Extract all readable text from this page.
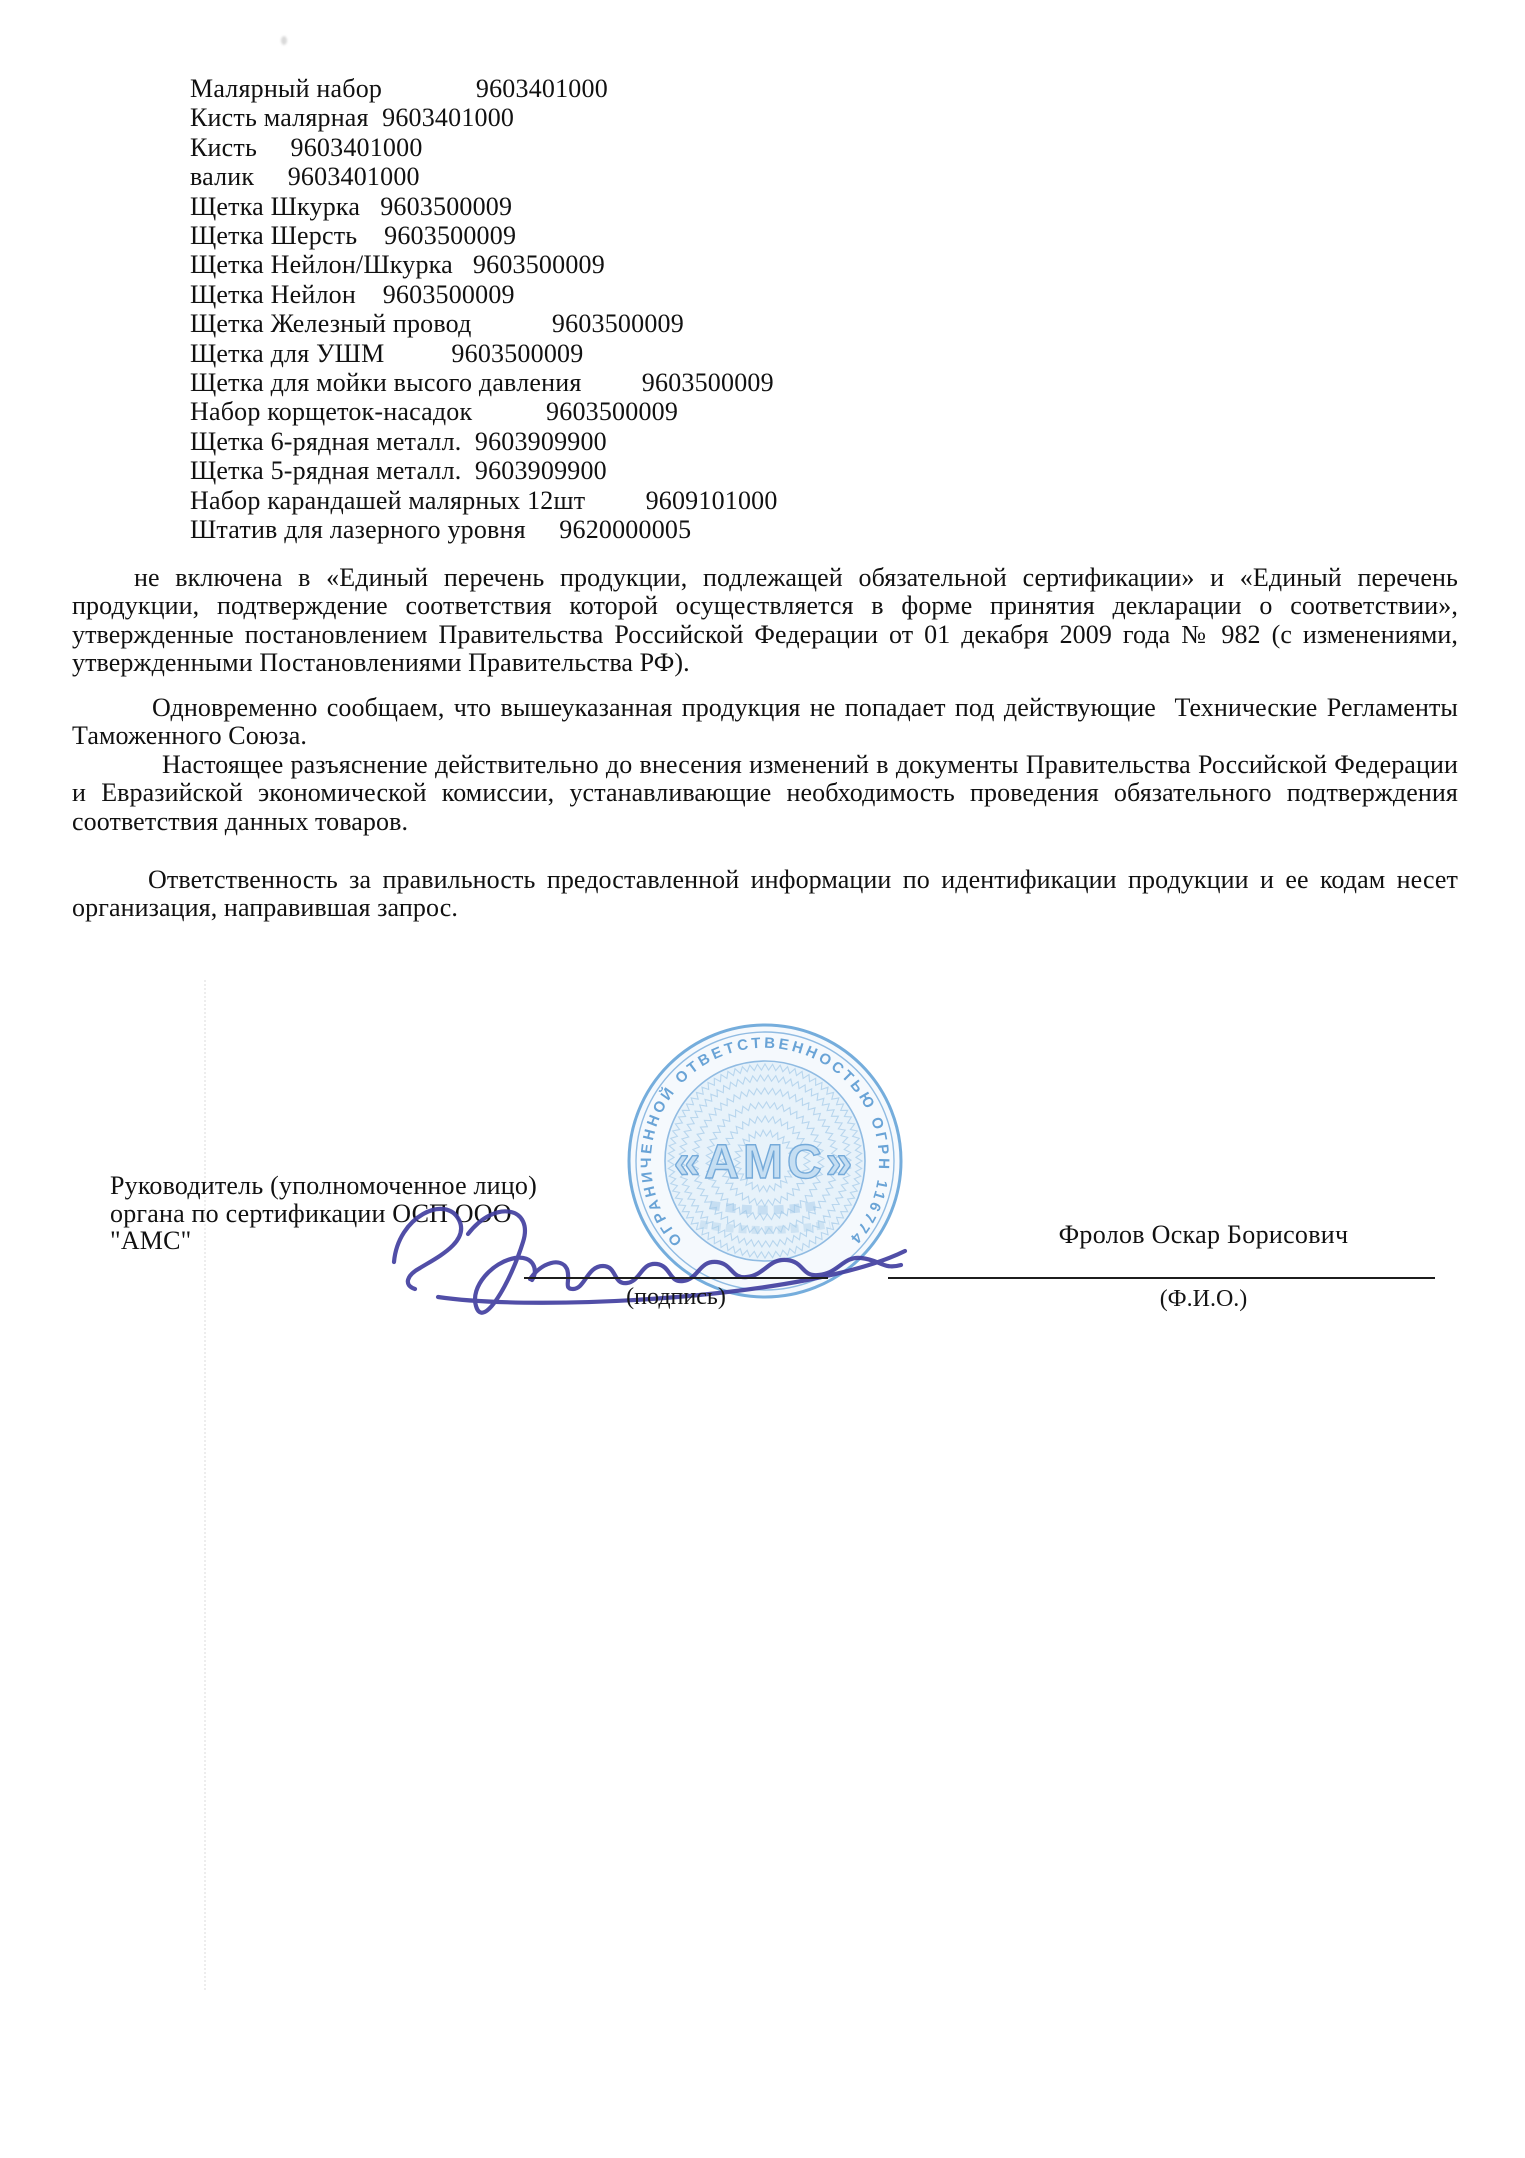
Малярный набор              9603401000
Кисть малярная  9603401000
Кисть     9603401000
валик     9603401000
Щетка Шкурка   9603500009
Щетка Шерсть    9603500009
Щетка Нейлон/Шкурка   9603500009
Щетка Нейлон    9603500009
Щетка Железный провод            9603500009
Щетка для УШМ          9603500009
Щетка для мойки высого давления         9603500009
Набор корщеток-насадок           9603500009
Щетка 6-рядная металл.  9603909900
Щетка 5-рядная металл.  9603909900
Набор карандашей малярных 12шт         9609101000
Штатив для лазерного уровня     9620000005

не включена в «Единый перечень продукции, подлежащей обязательной сертификации» и «Единый перечень продукции, подтверждение соответствия которой осуществляется в форме принятия декларации о соответствии», утвержденные постановлением Правительства Российской Федерации от 01 декабря 2009 года № 982 (с изменениями, утвержденными Постановлениями Правительства РФ).

Одновременно сообщаем, что вышеуказанная продукция не попадает под действующие  Технические Регламенты Таможенного Союза.

Настоящее разъяснение действительно до внесения изменений в документы Правительства Российской Федерации и Евразийской экономической комиссии, устанавливающие необходимость проведения обязательного подтверждения соответствия данных товаров.

Ответственность за правильность предоставленной информации по идентификации продукции и ее кодам несет организация, направившая запрос.

Руководитель (уполномоченное лицо)
органа по сертификации ОСП ООО
"АМС"	ОГРАНИЧЕННОЙ ОТВЕТСТВЕННОСТЬЮ ОГРН 1167746739
«АМС»
(подпись)
Фролов Оскар Борисович
(Ф.И.О.)
